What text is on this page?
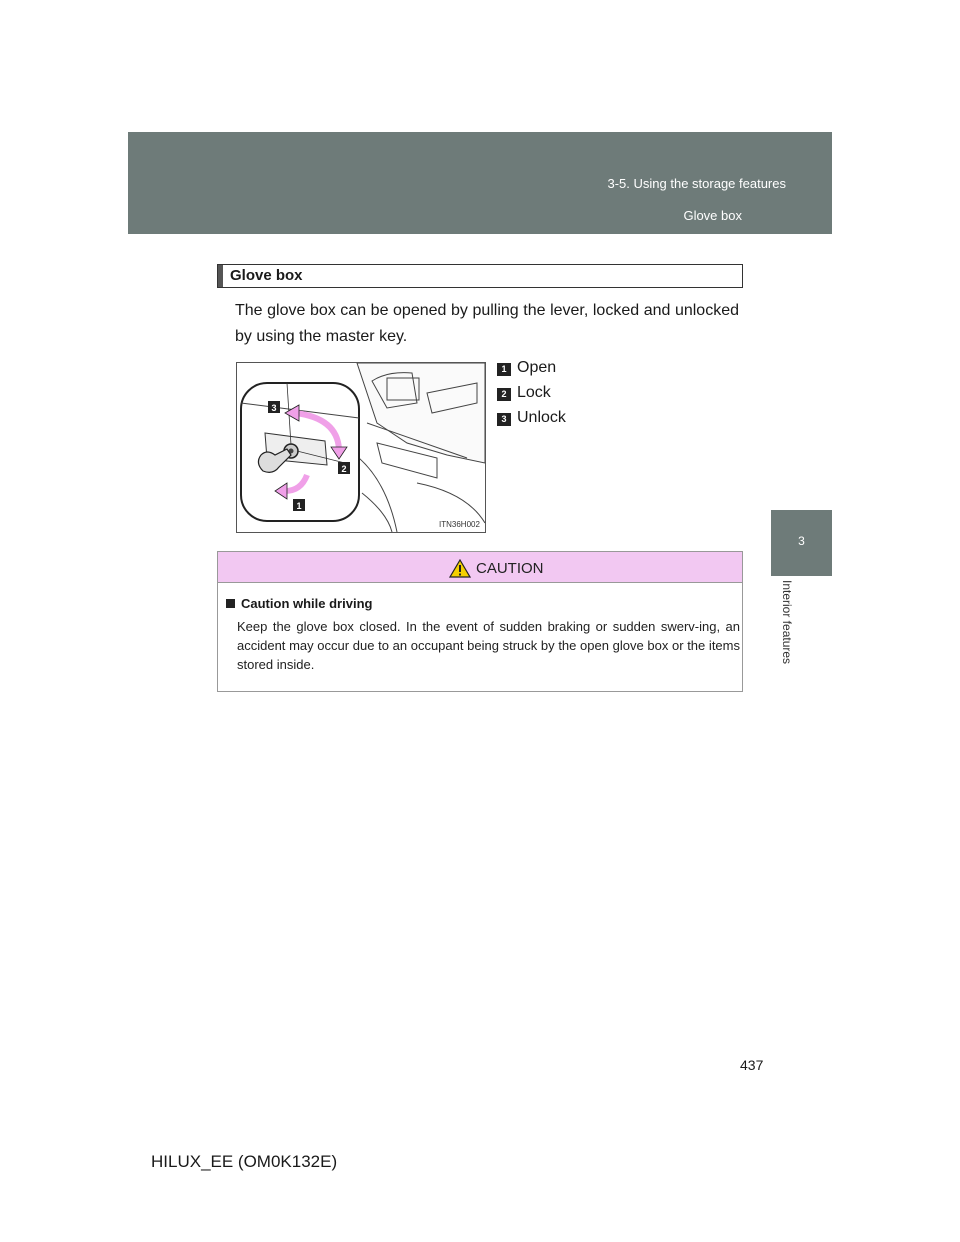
3-5. Using the storage features
Glove box
3
Interior features
Glove box
The glove box can be opened by pulling the lever, locked and unlocked by using the master key.
3
2
1
ITN36H002
1 Open
2 Lock
3 Unlock
CAUTION
Caution while driving
Keep the glove box closed. In the event of sudden braking or sudden swerv-ing, an accident may occur due to an occupant being struck by the open glove box or the items stored inside.
437
HILUX_EE (OM0K132E)
